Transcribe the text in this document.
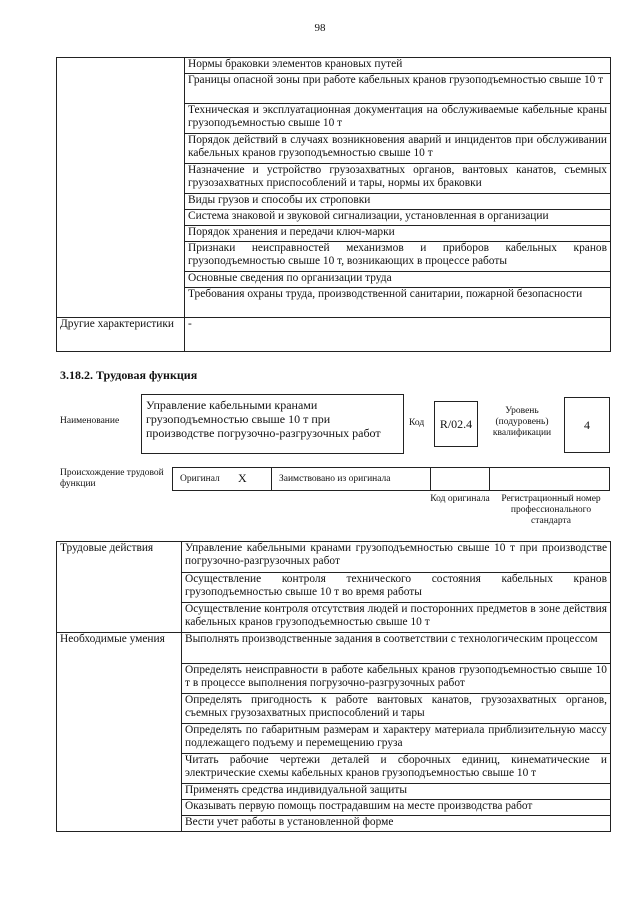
98
	Нормы браковки элементов крановых путей
	Границы опасной зоны при работе кабельных кранов грузоподъемностью свыше 10 т
	Техническая и эксплуатационная документация на обслуживаемые кабельные краны грузоподъемностью свыше 10 т
	Порядок действий в случаях возникновения аварий и инцидентов при обслуживании кабельных кранов грузоподъемностью свыше 10 т
	Назначение и устройство грузозахватных органов, вантовых канатов, съемных грузозахватных приспособлений и тары, нормы их браковки
	Виды грузов и способы их строповки
	Система знаковой и звуковой сигнализации, установленная в организации
	Порядок хранения и передачи ключ-марки
	Признаки неисправностей механизмов и приборов кабельных кранов грузоподъемностью свыше 10 т, возникающих в процессе работы
	Основные сведения по организации труда
	Требования охраны труда, производственной санитарии, пожарной безопасности
Другие характеристики	-
3.18.2. Трудовая функция
Наименование
Управление кабельными кранами грузоподъемностью свыше 10 т при производстве погрузочно-разгрузочных работ
Код R/02.4
Уровень (подуровень) квалификации
4
Происхождение трудовой функции	Оригинал X	Заимствовано из оригинала
Код оригинала	Регистрационный номер профессионального стандарта
Трудовые действия	Управление кабельными кранами грузоподъемностью свыше 10 т при производстве погрузочно-разгрузочных работ
	Осуществление контроля технического состояния кабельных кранов грузоподъемностью свыше 10 т во время работы
	Осуществление контроля отсутствия людей и посторонних предметов в зоне действия кабельных кранов грузоподъемностью свыше 10 т
Необходимые умения	Выполнять производственные задания в соответствии с технологическим процессом
	Определять неисправности в работе кабельных кранов грузоподъемностью свыше 10 т в процессе выполнения погрузочно-разгрузочных работ
	Определять пригодность к работе вантовых канатов, грузозахватных органов, съемных грузозахватных приспособлений и тары
	Определять по габаритным размерам и характеру материала приблизительную массу подлежащего подъему и перемещению груза
	Читать рабочие чертежи деталей и сборочных единиц, кинематические и электрические схемы кабельных кранов грузоподъемностью свыше 10 т
	Применять средства индивидуальной защиты
	Оказывать первую помощь пострадавшим на месте производства работ
	Вести учет работы в установленной форме
